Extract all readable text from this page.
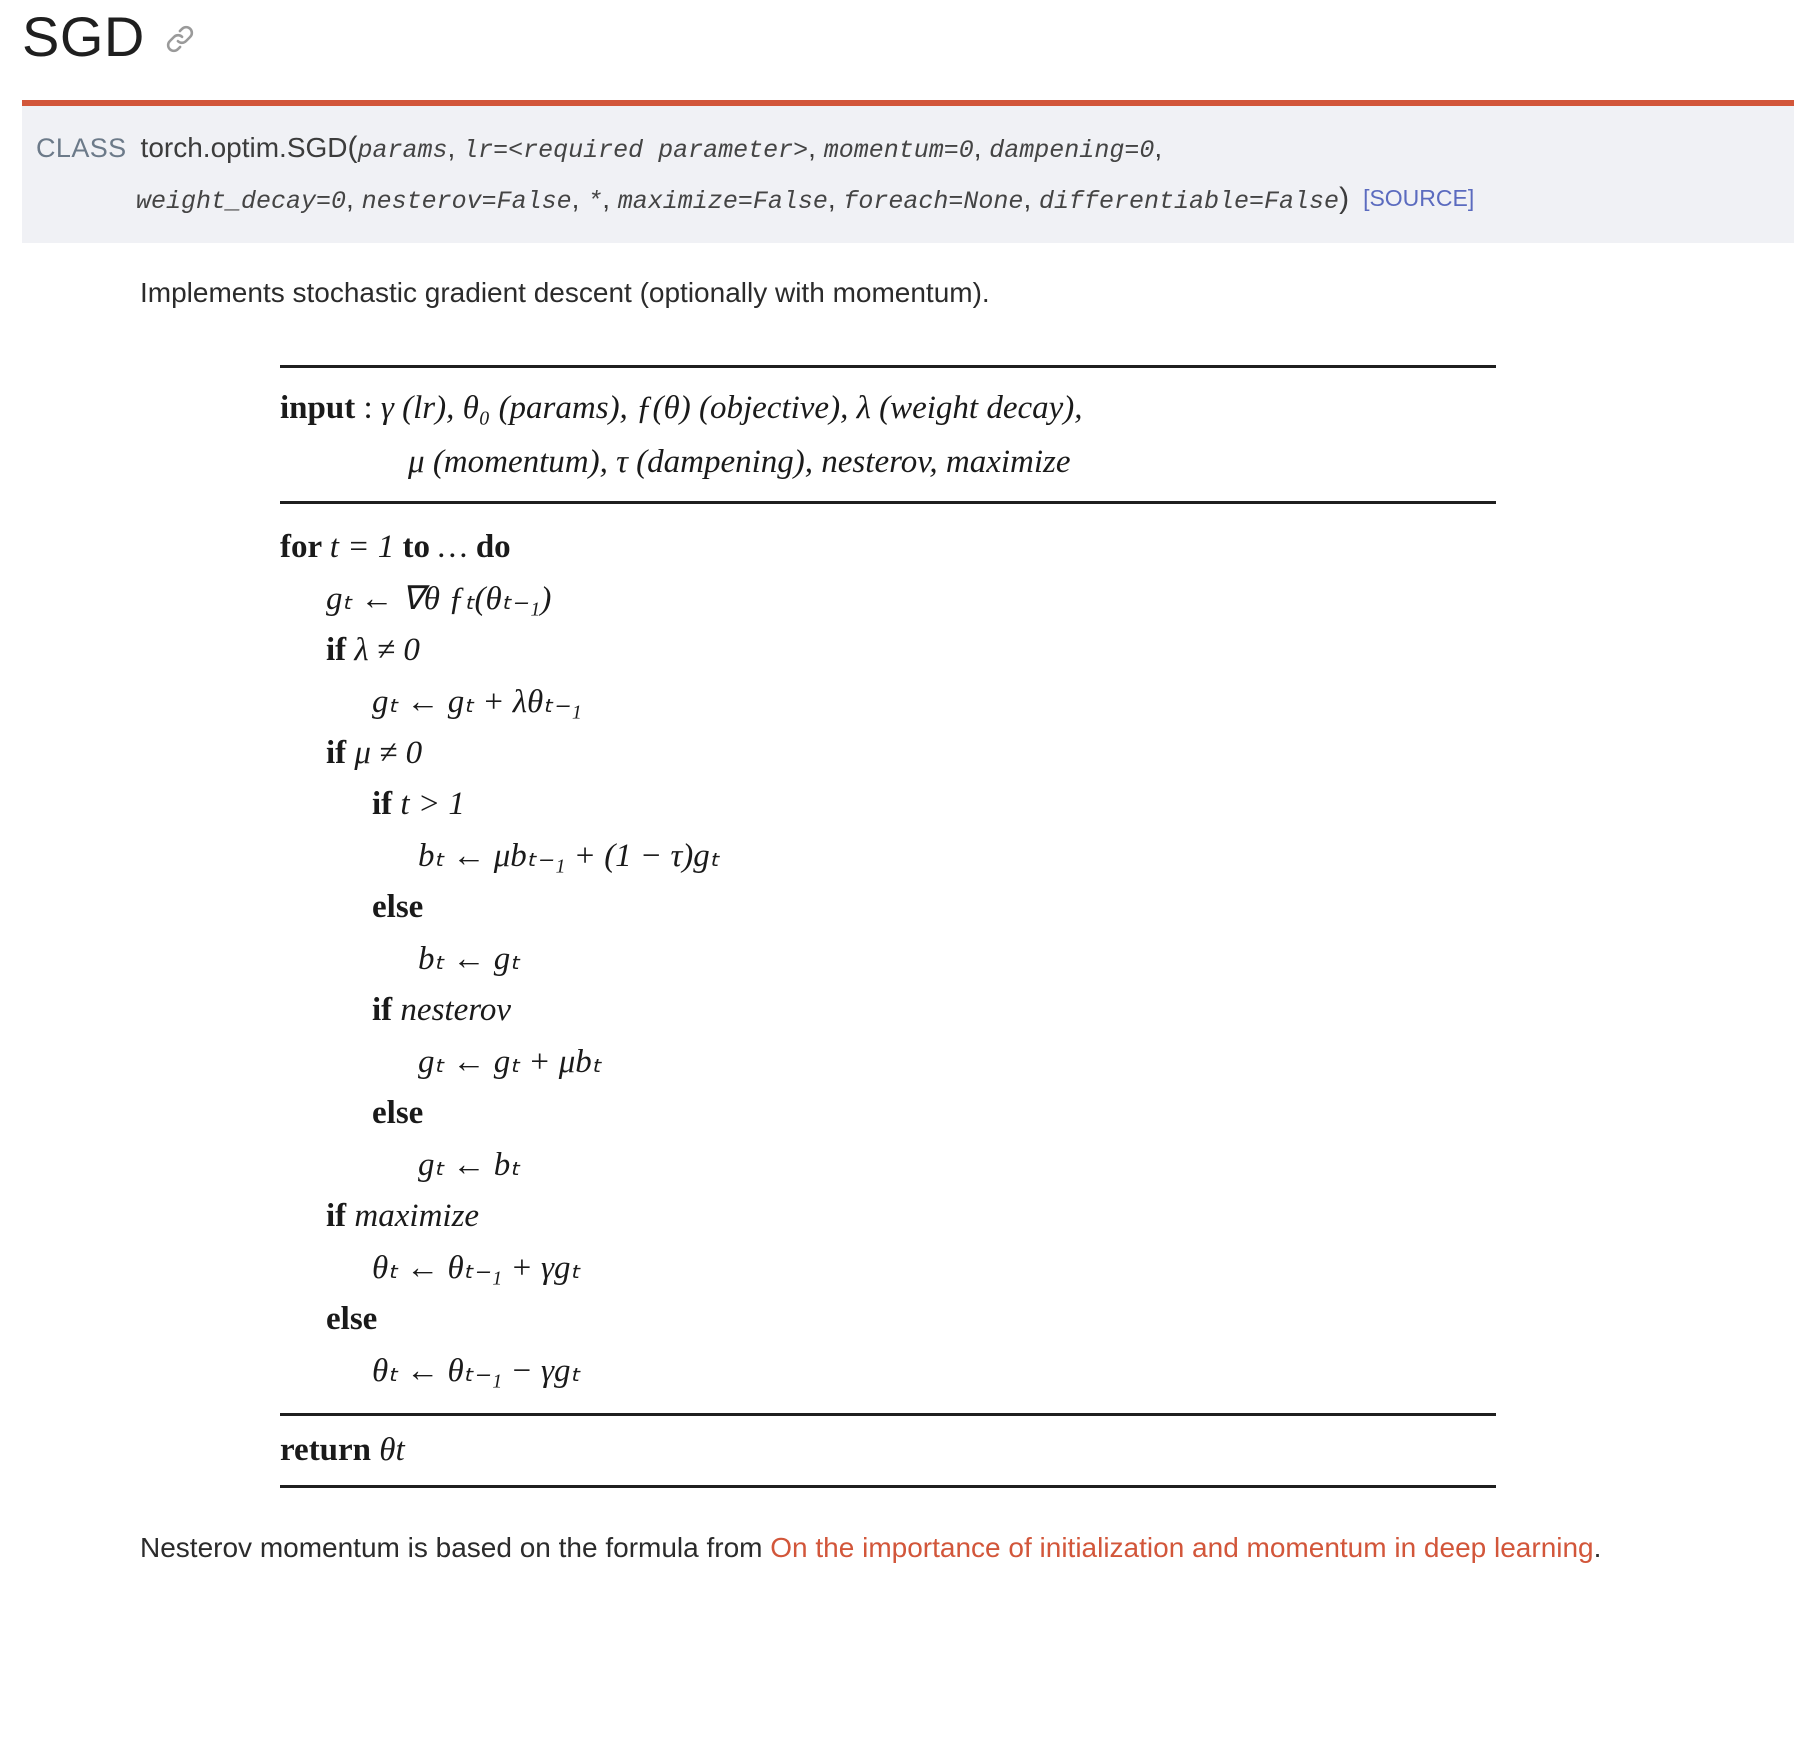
SGD
CLASS torch.optim.SGD(params, lr=<required parameter>, momentum=0, dampening=0,
weight_decay=0, nesterov=False, *, maximize=False, foreach=None, differentiable=False) [SOURCE]
Implements stochastic gradient descent (optionally with momentum).
input : γ (lr), θ₀ (params), ƒ(θ) (objective), λ (weight decay),
μ (momentum), τ (dampening), nesterov, maximize
for t = 1 to … do
gₜ ← ∇θ ƒₜ(θₜ₋₁)
if λ ≠ 0
gₜ ← gₜ + λθₜ₋₁
if μ ≠ 0
if t > 1
bₜ ← μbₜ₋₁ + (1 − τ)gₜ
else
bₜ ← gₜ
if nesterov
gₜ ← gₜ + μbₜ
else
gₜ ← bₜ
if maximize
θₜ ← θₜ₋₁ + γgₜ
else
θₜ ← θₜ₋₁ − γgₜ
return θt
Nesterov momentum is based on the formula from On the importance of initialization and momentum in deep learning.
